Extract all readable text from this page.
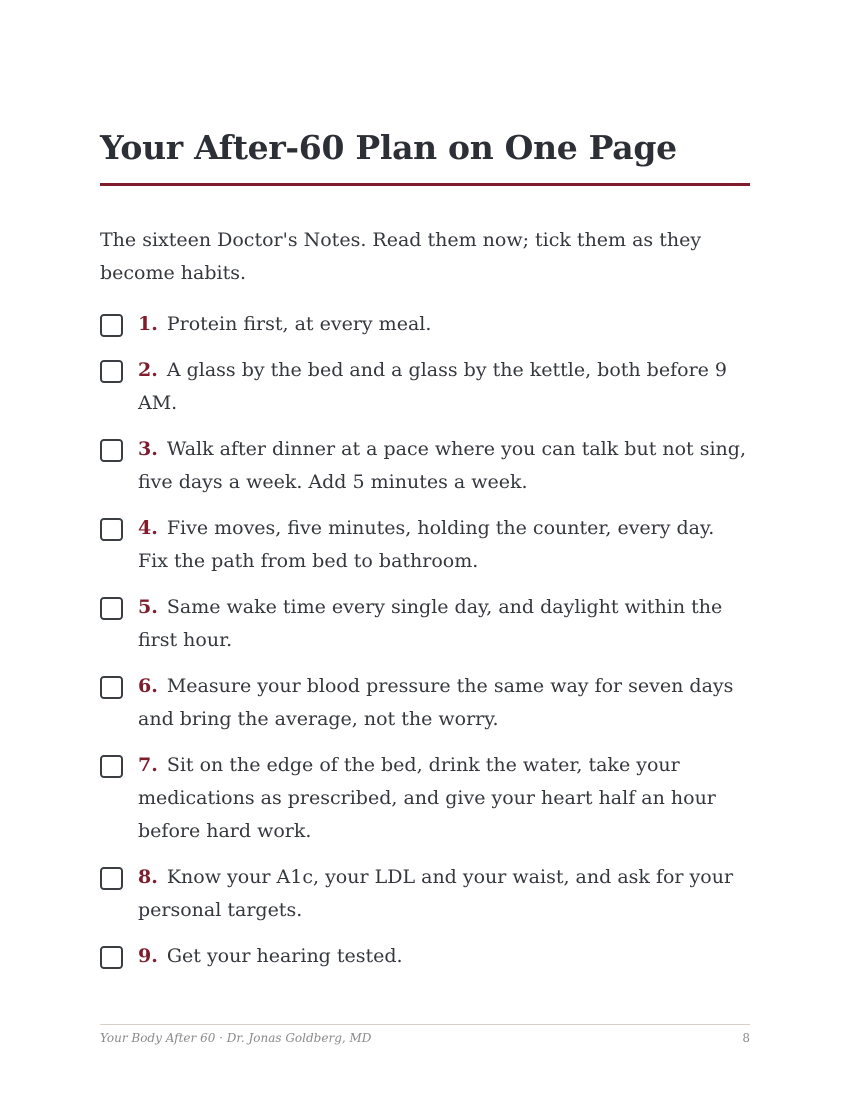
Your After-60 Plan on One Page

The sixteen Doctor's Notes. Read them now; tick them as they become habits.

1. Protein first, at every meal.
2. A glass by the bed and a glass by the kettle, both before 9 AM.
3. Walk after dinner at a pace where you can talk but not sing, five days a week. Add 5 minutes a week.
4. Five moves, five minutes, holding the counter, every day. Fix the path from bed to bathroom.
5. Same wake time every single day, and daylight within the first hour.
6. Measure your blood pressure the same way for seven days and bring the average, not the worry.
7. Sit on the edge of the bed, drink the water, take your medications as prescribed, and give your heart half an hour before hard work.
8. Know your A1c, your LDL and your waist, and ask for your personal targets.
9. Get your hearing tested.
Your Body After 60 · Dr. Jonas Goldberg, MD	8
